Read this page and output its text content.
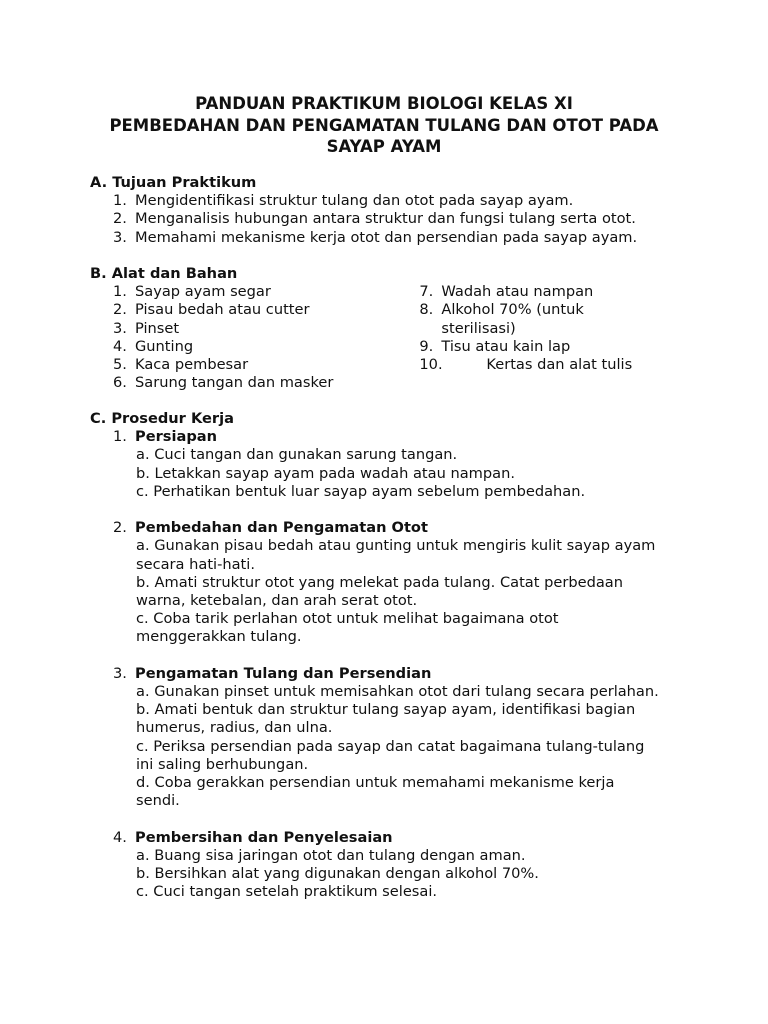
PANDUAN PRAKTIKUM BIOLOGI KELAS XI
PEMBEDAHAN DAN PENGAMATAN TULANG DAN OTOT PADA
SAYAP AYAM
A. Tujuan Praktikum
1. Mengidentifikasi struktur tulang dan otot pada sayap ayam.
2. Menganalisis hubungan antara struktur dan fungsi tulang serta otot.
3. Memahami mekanisme kerja otot dan persendian pada sayap ayam.
B. Alat dan Bahan
1. Sayap ayam segar
2. Pisau bedah atau cutter
3. Pinset
4. Gunting
5. Kaca pembesar
6. Sarung tangan dan masker
7. Wadah atau nampan
8. Alkohol 70% (untuk
sterilisasi)
9. Tisu atau kain lap
10.	Kertas dan alat tulis
C. Prosedur Kerja
1. Persiapan
a. Cuci tangan dan gunakan sarung tangan.
b. Letakkan sayap ayam pada wadah atau nampan.
c. Perhatikan bentuk luar sayap ayam sebelum pembedahan.
2. Pembedahan dan Pengamatan Otot
a. Gunakan pisau bedah atau gunting untuk mengiris kulit sayap ayam
secara hati-hati.
b. Amati struktur otot yang melekat pada tulang. Catat perbedaan
warna, ketebalan, dan arah serat otot.
c. Coba tarik perlahan otot untuk melihat bagaimana otot
menggerakkan tulang.
3. Pengamatan Tulang dan Persendian
a. Gunakan pinset untuk memisahkan otot dari tulang secara perlahan.
b. Amati bentuk dan struktur tulang sayap ayam, identifikasi bagian
humerus, radius, dan ulna.
c. Periksa persendian pada sayap dan catat bagaimana tulang-tulang
ini saling berhubungan.
d. Coba gerakkan persendian untuk memahami mekanisme kerja
sendi.
4. Pembersihan dan Penyelesaian
a. Buang sisa jaringan otot dan tulang dengan aman.
b. Bersihkan alat yang digunakan dengan alkohol 70%.
c. Cuci tangan setelah praktikum selesai.
